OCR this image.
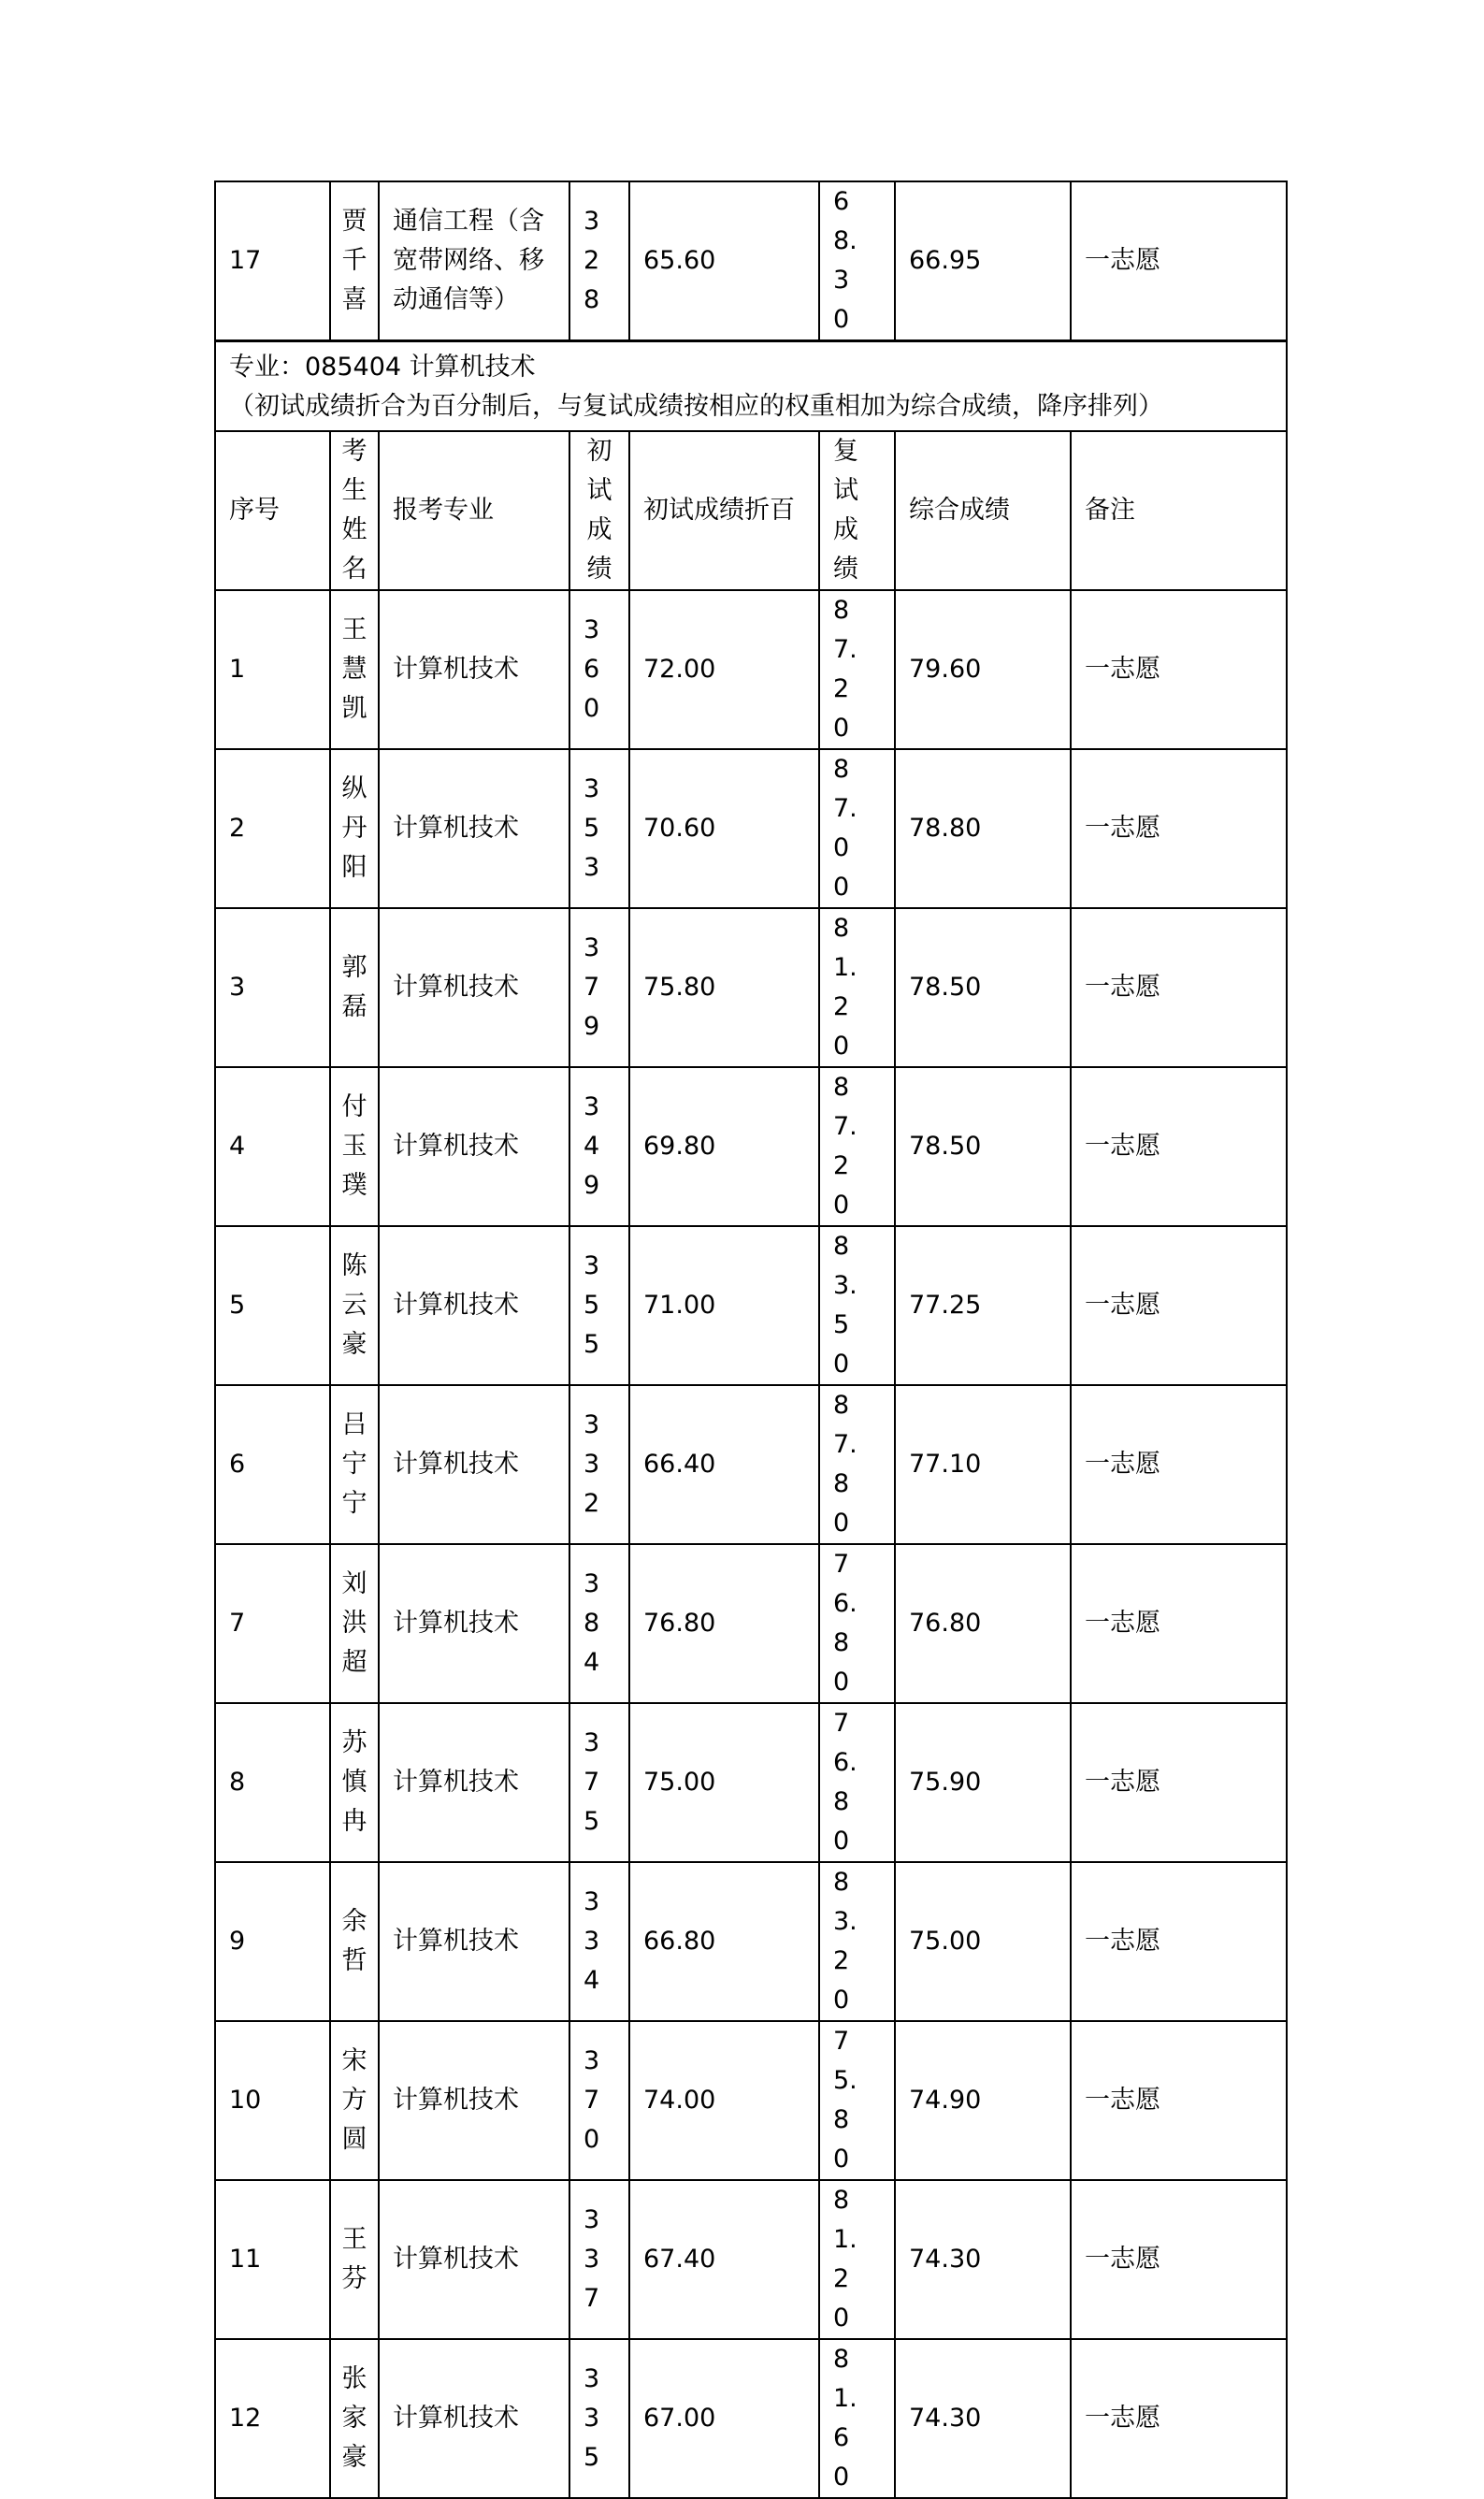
17	贾千喜	通信工程（含宽带网络、移动通信等）	328	65.60	68.30	66.95	一志愿
专业：085404 计算机技术
（初试成绩折合为百分制后，与复试成绩按相应的权重相加为综合成绩，降序排列）							

序号	考生姓名	报考专业	初试成绩	初试成绩折百	复试成绩	综合成绩	备注
1	王慧凯	计算机技术	360	72.00	87.20	79.60	一志愿
2	纵丹阳	计算机技术	353	70.60	87.00	78.80	一志愿
3	郭磊	计算机技术	379	75.80	81.20	78.50	一志愿
4	付玉璞	计算机技术	349	69.80	87.20	78.50	一志愿
5	陈云豪	计算机技术	355	71.00	83.50	77.25	一志愿
6	吕宁宁	计算机技术	332	66.40	87.80	77.10	一志愿
7	刘洪超	计算机技术	384	76.80	76.80	76.80	一志愿
8	苏慎冉	计算机技术	375	75.00	76.80	75.90	一志愿
9	余哲	计算机技术	334	66.80	83.20	75.00	一志愿
10	宋方圆	计算机技术	370	74.00	75.80	74.90	一志愿
11	王芬	计算机技术	337	67.40	81.20	74.30	一志愿
12	张家豪	计算机技术	335	67.00	81.60	74.30	一志愿
